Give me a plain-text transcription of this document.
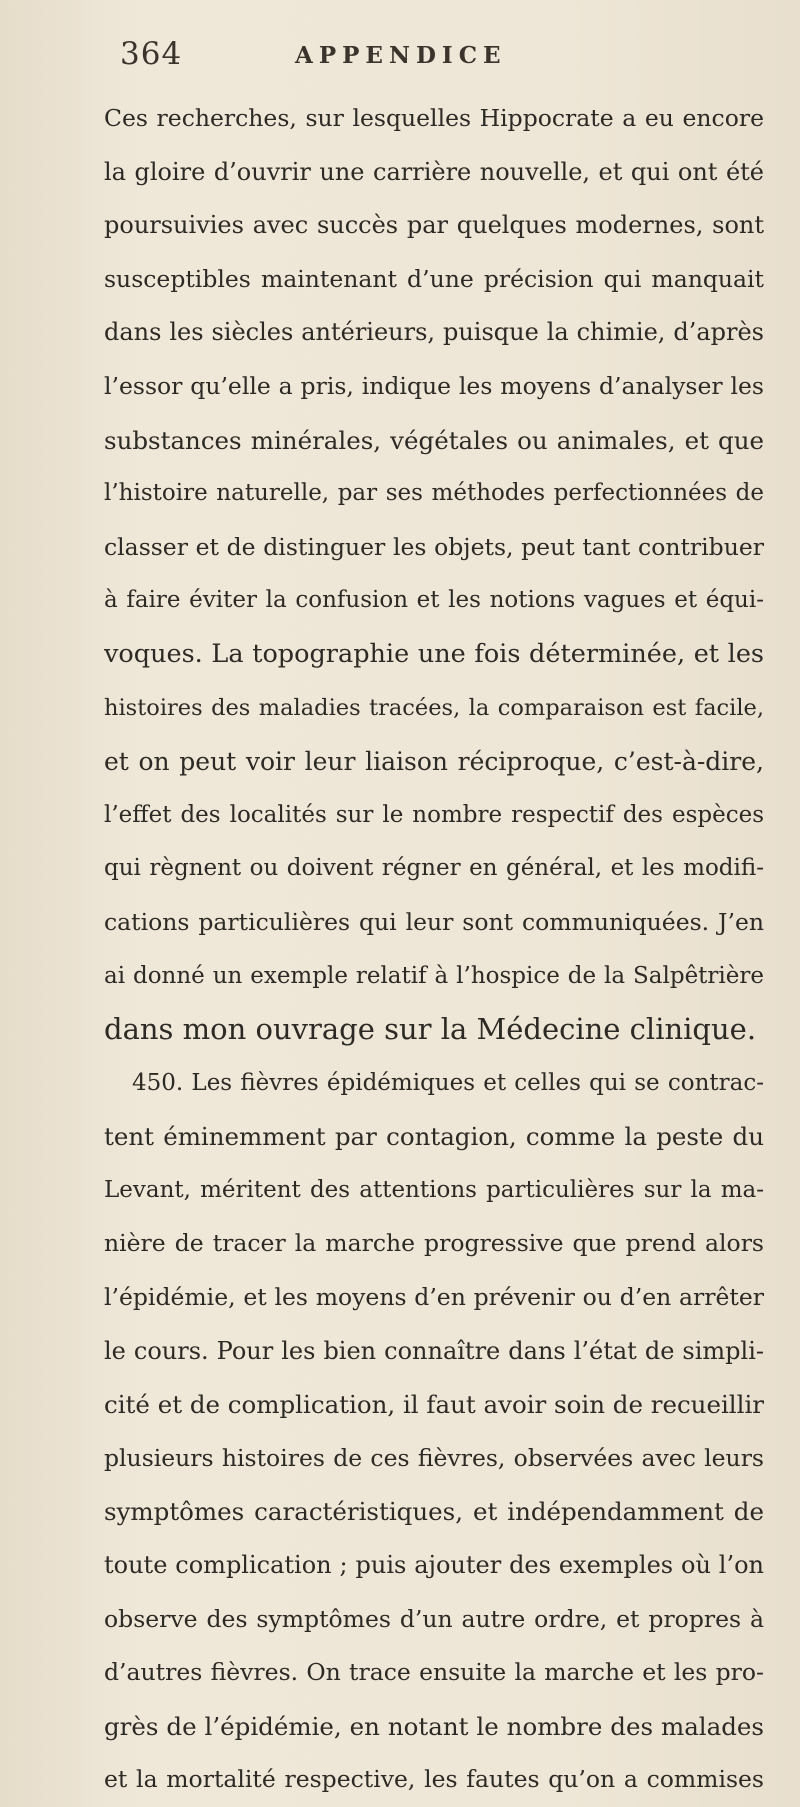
364	APPENDICE
Ces recherches, sur lesquelles Hippocrate a eu encore
la gloire d’ouvrir une carrière nouvelle, et qui ont été
poursuivies avec succès par quelques modernes, sont
susceptibles maintenant d’une précision qui manquait
dans les siècles antérieurs, puisque la chimie, d’après
l’essor qu’elle a pris, indique les moyens d’analyser les
substances minérales, végétales ou animales, et que
l’histoire naturelle, par ses méthodes perfectionnées de
classer et de distinguer les objets, peut tant contribuer
à faire éviter la confusion et les notions vagues et équi-
voques. La topographie une fois déterminée, et les
histoires des maladies tracées, la comparaison est facile,
et on peut voir leur liaison réciproque, c’est-à-dire,
l’effet des localités sur le nombre respectif des espèces
qui règnent ou doivent régner en général, et les modifi-
cations particulières qui leur sont communiquées. J’en
ai donné un exemple relatif à l’hospice de la Salpêtrière
dans mon ouvrage sur la Médecine clinique.
450. Les fièvres épidémiques et celles qui se contrac-
tent éminemment par contagion, comme la peste du
Levant, méritent des attentions particulières sur la ma-
nière de tracer la marche progressive que prend alors
l’épidémie, et les moyens d’en prévenir ou d’en arrêter
le cours. Pour les bien connaître dans l’état de simpli-
cité et de complication, il faut avoir soin de recueillir
plusieurs histoires de ces fièvres, observées avec leurs
symptômes caractéristiques, et indépendamment de
toute complication ; puis ajouter des exemples où l’on
observe des symptômes d’un autre ordre, et propres à
d’autres fièvres. On trace ensuite la marche et les pro-
grès de l’épidémie, en notant le nombre des malades
et la mortalité respective, les fautes qu’on a commises
